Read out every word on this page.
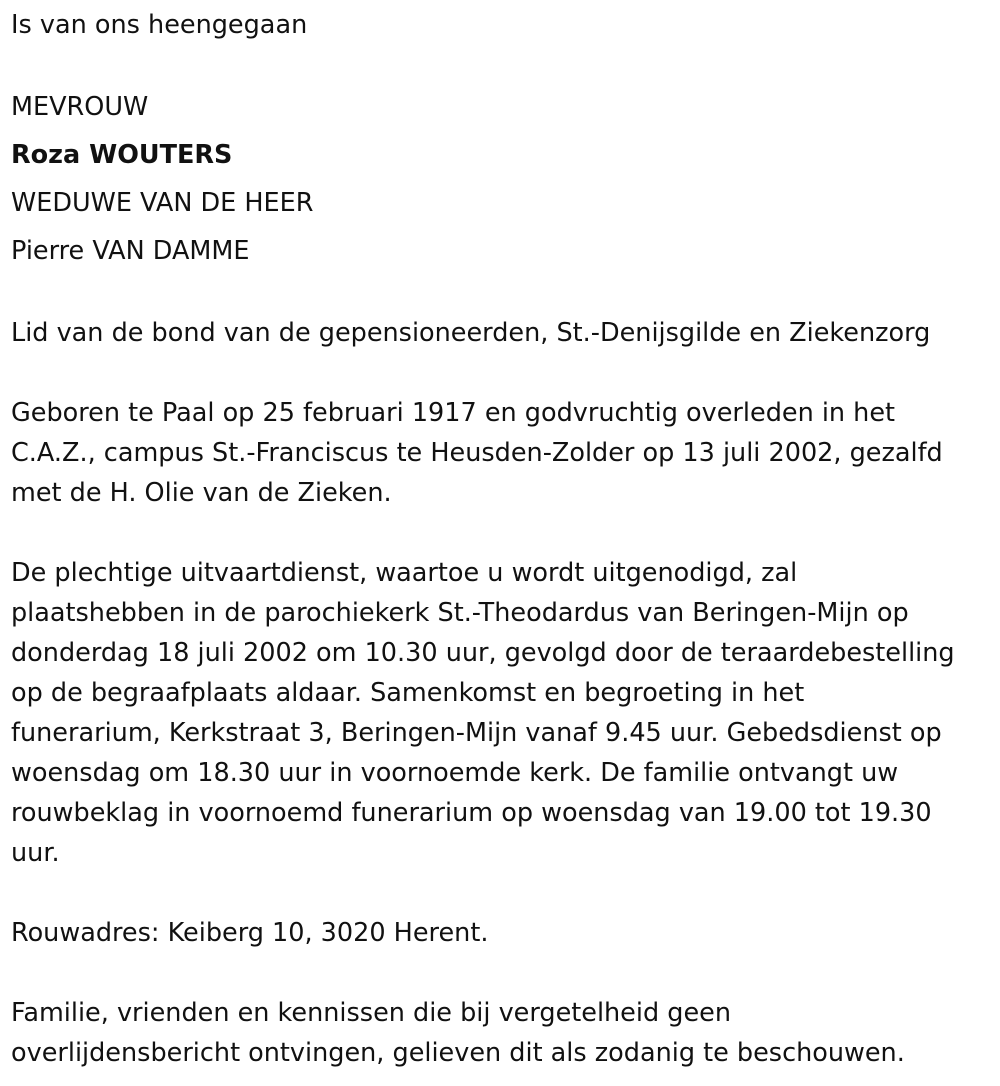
Is van ons heengegaan
MEVROUW
Roza WOUTERS
WEDUWE VAN DE HEER
Pierre VAN DAMME
Lid van de bond van de gepensioneerden, St.-Denijsgilde en Ziekenzorg
Geboren te Paal op 25 februari 1917 en godvruchtig overleden in het
C.A.Z., campus St.-Franciscus te Heusden-Zolder op 13 juli 2002, gezalfd
met de H. Olie van de Zieken.
De plechtige uitvaartdienst, waartoe u wordt uitgenodigd, zal
plaatshebben in de parochiekerk St.-Theodardus van Beringen-Mijn op
donderdag 18 juli 2002 om 10.30 uur, gevolgd door de teraardebestelling
op de begraafplaats aldaar. Samenkomst en begroeting in het
funerarium, Kerkstraat 3, Beringen-Mijn vanaf 9.45 uur. Gebedsdienst op
woensdag om 18.30 uur in voornoemde kerk. De familie ontvangt uw
rouwbeklag in voornoemd funerarium op woensdag van 19.00 tot 19.30
uur.
Rouwadres: Keiberg 10, 3020 Herent.
Familie, vrienden en kennissen die bij vergetelheid geen
overlijdensbericht ontvingen, gelieven dit als zodanig te beschouwen.
